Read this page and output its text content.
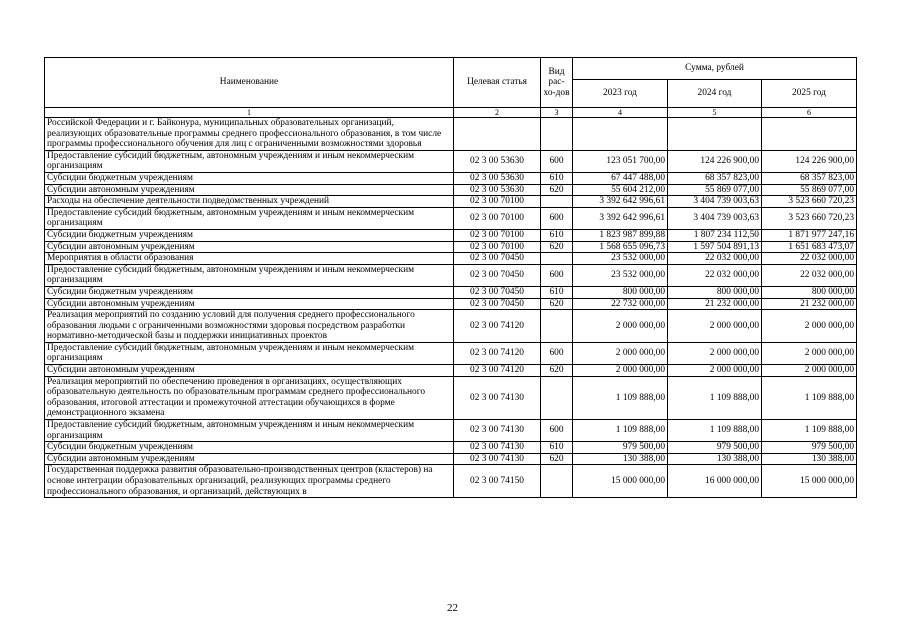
Наименование	Целевая статья	Вид рас-хо-дов	Сумма, рублей		
			2023 год	2024 год	2025 год
1	2	3	4	5	6
Российской Федерации и г. Байконура, муниципальных образовательных организаций, реализующих образовательные программы среднего профессионального образования, в том числе программы профессионального обучения для лиц с ограниченными возможностями здоровья					
Предоставление субсидий бюджетным, автономным учреждениям и иным некоммерческим организациям	02 3 00 53630	600	123 051 700,00	124 226 900,00	124 226 900,00
Субсидии бюджетным учреждениям	02 3 00 53630	610	67 447 488,00	68 357 823,00	68 357 823,00
Субсидии автономным учреждениям	02 3 00 53630	620	55 604 212,00	55 869 077,00	55 869 077,00
Расходы на обеспечение деятельности подведомственных учреждений	02 3 00 70100		3 392 642 996,61	3 404 739 003,63	3 523 660 720,23
Предоставление субсидий бюджетным, автономным учреждениям и иным некоммерческим организациям	02 3 00 70100	600	3 392 642 996,61	3 404 739 003,63	3 523 660 720,23
Субсидии бюджетным учреждениям	02 3 00 70100	610	1 823 987 899,88	1 807 234 112,50	1 871 977 247,16
Субсидии автономным учреждениям	02 3 00 70100	620	1 568 655 096,73	1 597 504 891,13	1 651 683 473,07
Мероприятия в области образования	02 3 00 70450		23 532 000,00	22 032 000,00	22 032 000,00
Предоставление субсидий бюджетным, автономным учреждениям и иным некоммерческим организациям	02 3 00 70450	600	23 532 000,00	22 032 000,00	22 032 000,00
Субсидии бюджетным учреждениям	02 3 00 70450	610	800 000,00	800 000,00	800 000,00
Субсидии автономным учреждениям	02 3 00 70450	620	22 732 000,00	21 232 000,00	21 232 000,00
Реализация мероприятий по созданию условий для получения среднего профессионального образования людьми с ограниченными возможностями здоровья посредством разработки нормативно-методической базы и поддержки инициативных проектов	02 3 00 74120		2 000 000,00	2 000 000,00	2 000 000,00
Предоставление субсидий бюджетным, автономным учреждениям и иным некоммерческим организациям	02 3 00 74120	600	2 000 000,00	2 000 000,00	2 000 000,00
Субсидии автономным учреждениям	02 3 00 74120	620	2 000 000,00	2 000 000,00	2 000 000,00
Реализация мероприятий по обеспечению проведения в организациях, осуществляющих образовательную деятельность по образовательным программам среднего профессионального образования, итоговой аттестации и промежуточной аттестации обучающихся в форме демонстрационного экзамена	02 3 00 74130		1 109 888,00	1 109 888,00	1 109 888,00
Предоставление субсидий бюджетным, автономным учреждениям и иным некоммерческим организациям	02 3 00 74130	600	1 109 888,00	1 109 888,00	1 109 888,00
Субсидии бюджетным учреждениям	02 3 00 74130	610	979 500,00	979 500,00	979 500,00
Субсидии автономным учреждениям	02 3 00 74130	620	130 388,00	130 388,00	130 388,00
Государственная поддержка развития образовательно-производственных центров (кластеров) на основе интеграции образовательных организаций, реализующих программы среднего профессионального образования, и организаций, действующих в	02 3 00 74150		15 000 000,00	16 000 000,00	15 000 000,00
22
